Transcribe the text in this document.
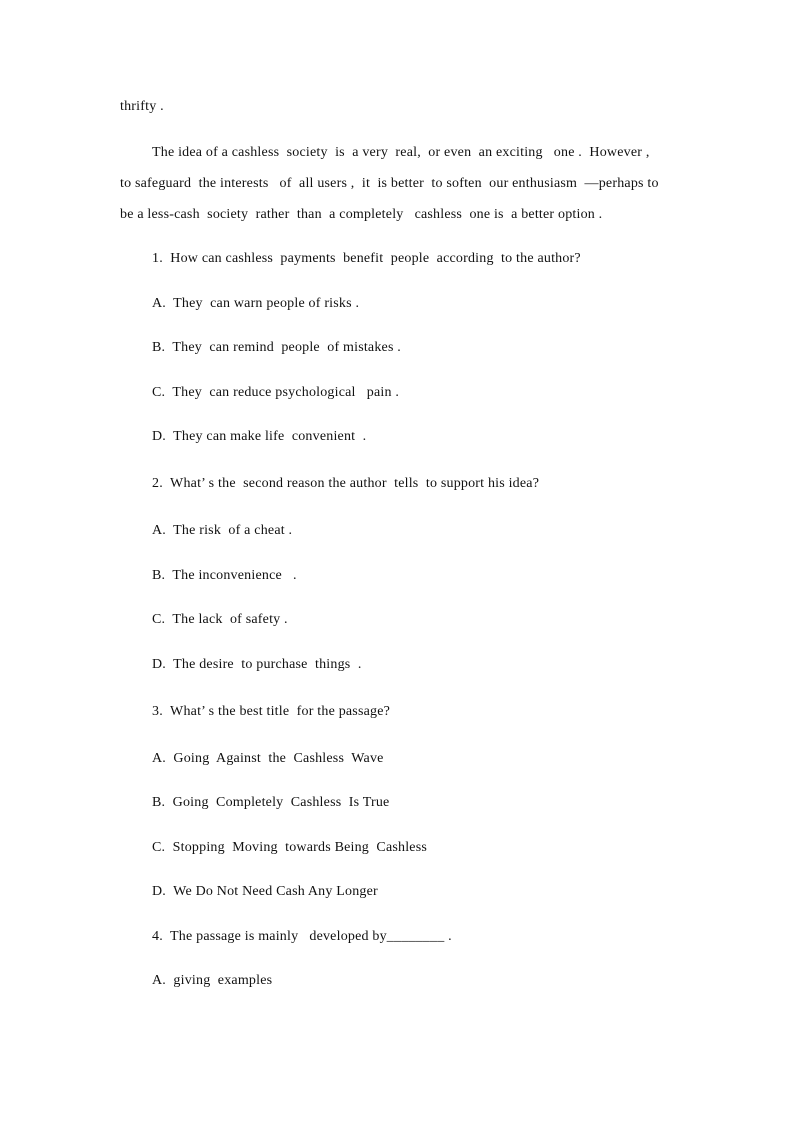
thrifty .
The idea of a cashless  society  is  a very  real,  or even  an exciting   one .  However ,
to safeguard  the interests   of  all users ,  it  is better  to soften  our enthusiasm  —perhaps to
be a less-cash  society  rather  than  a completely   cashless  one is  a better option .
1.  How can cashless  payments  benefit  people  according  to the author?
A.  They  can warn people of risks .
B.  They  can remind  people  of mistakes .
C.  They  can reduce psychological   pain .
D.  They can make life  convenient  .
2.  What’ s the  second reason the author  tells  to support his idea?
A.  The risk  of a cheat .
B.  The inconvenience   .
C.  The lack  of safety .
D.  The desire  to purchase  things  .
3.  What’ s the best title  for the passage?
A.  Going  Against  the  Cashless  Wave
B.  Going  Completely  Cashless  Is True
C.  Stopping  Moving  towards Being  Cashless
D.  We Do Not Need Cash Any Longer
4.  The passage is mainly   developed by________ .
A.  giving  examples
